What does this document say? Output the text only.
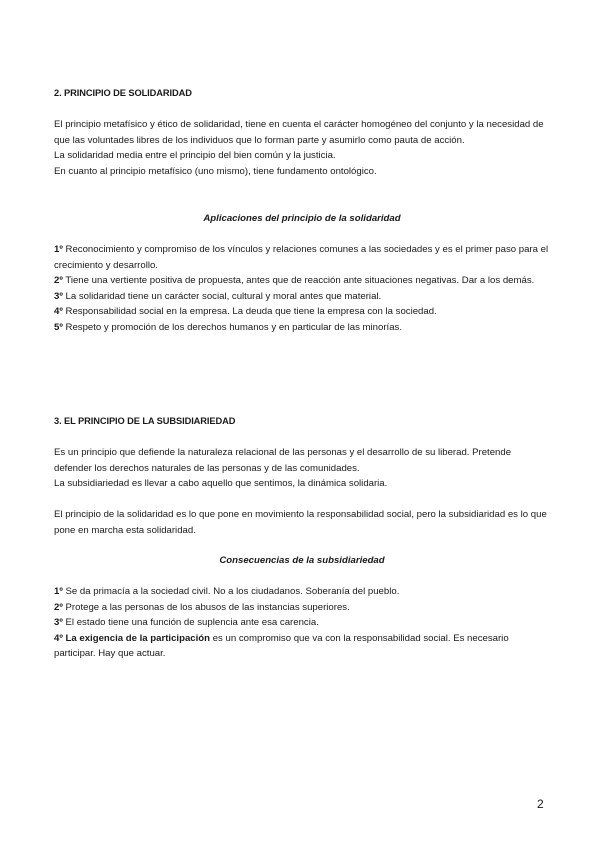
2. PRINCIPIO DE SOLIDARIDAD

El principio metafísico y ético de solidaridad, tiene en cuenta el carácter homogéneo del conjunto y la necesidad de que las voluntades libres de los individuos que lo forman parte y asumirlo como pauta de acción.

La solidaridad media entre el principio del bien común y la justicia.

En cuanto al principio metafísico (uno mismo), tiene fundamento ontológico.

Aplicaciones del principio de la solidaridad

1º Reconocimiento y compromiso de los vínculos y relaciones comunes a las sociedades y es el primer paso para el crecimiento y desarrollo.

2º Tiene una vertiente positiva de propuesta, antes que de reacción ante situaciones negativas. Dar a los demás.

3º La solidaridad tiene un carácter social, cultural y moral antes que material.

4º Responsabilidad social en la empresa. La deuda que tiene la empresa con la sociedad.

5º Respeto y promoción de los derechos humanos y en particular de las minorías.

3. EL PRINCIPIO DE LA SUBSIDIARIEDAD

Es un principio que defiende la naturaleza relacional de las personas y el desarrollo de su liberad. Pretende defender los derechos naturales de las personas y de las comunidades.

La subsidiariedad es llevar a cabo aquello que sentimos, la dinámica solidaria.

El principio de la solidaridad es lo que pone en movimiento la responsabilidad social, pero la subsidiaridad es lo que pone en marcha esta solidaridad.
Consecuencias de la subsidiariedad

1º Se da primacía a la sociedad civil. No a los ciudadanos. Soberanía del pueblo.

2º Protege a las personas de los abusos de las instancias superiores.

3º El estado tiene una función de suplencia ante esa carencia.

4º La exigencia de la participación es un compromiso que va con la responsabilidad social. Es necesario participar. Hay que actuar.

2
